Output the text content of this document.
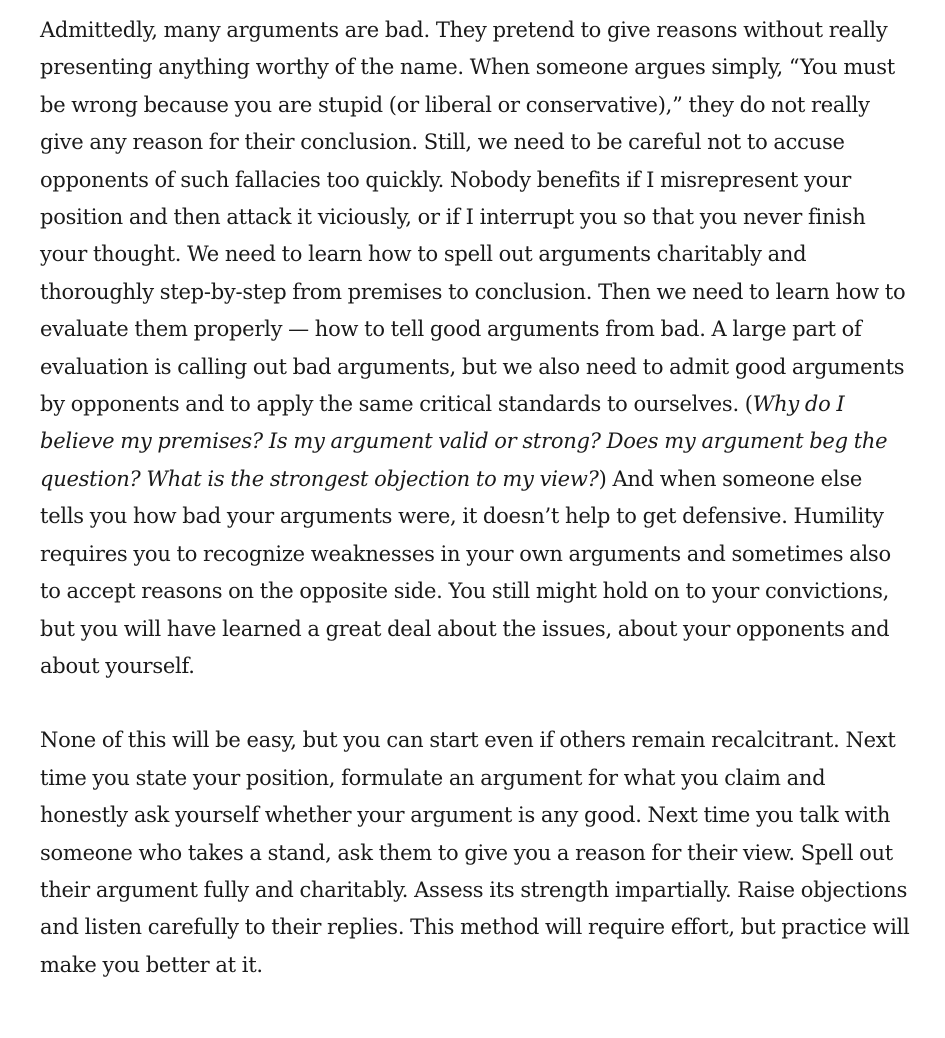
Admittedly, many arguments are bad. They pretend to give reasons without really presenting anything worthy of the name. When someone argues simply, “You must be wrong because you are stupid (or liberal or conservative),” they do not really give any reason for their conclusion. Still, we need to be careful not to accuse opponents of such fallacies too quickly. Nobody benefits if I misrepresent your position and then attack it viciously, or if I interrupt you so that you never finish your thought. We need to learn how to spell out arguments charitably and thoroughly step-by-step from premises to conclusion. Then we need to learn how to evaluate them properly — how to tell good arguments from bad. A large part of evaluation is calling out bad arguments, but we also need to admit good arguments by opponents and to apply the same critical standards to ourselves. (Why do I believe my premises? Is my argument valid or strong? Does my argument beg the question? What is the strongest objection to my view?) And when someone else tells you how bad your arguments were, it doesn’t help to get defensive. Humility requires you to recognize weaknesses in your own arguments and sometimes also to accept reasons on the opposite side. You still might hold on to your convictions, but you will have learned a great deal about the issues, about your opponents and about yourself.

None of this will be easy, but you can start even if others remain recalcitrant. Next time you state your position, formulate an argument for what you claim and honestly ask yourself whether your argument is any good. Next time you talk with someone who takes a stand, ask them to give you a reason for their view. Spell out their argument fully and charitably. Assess its strength impartially. Raise objections and listen carefully to their replies. This method will require effort, but practice will make you better at it.
